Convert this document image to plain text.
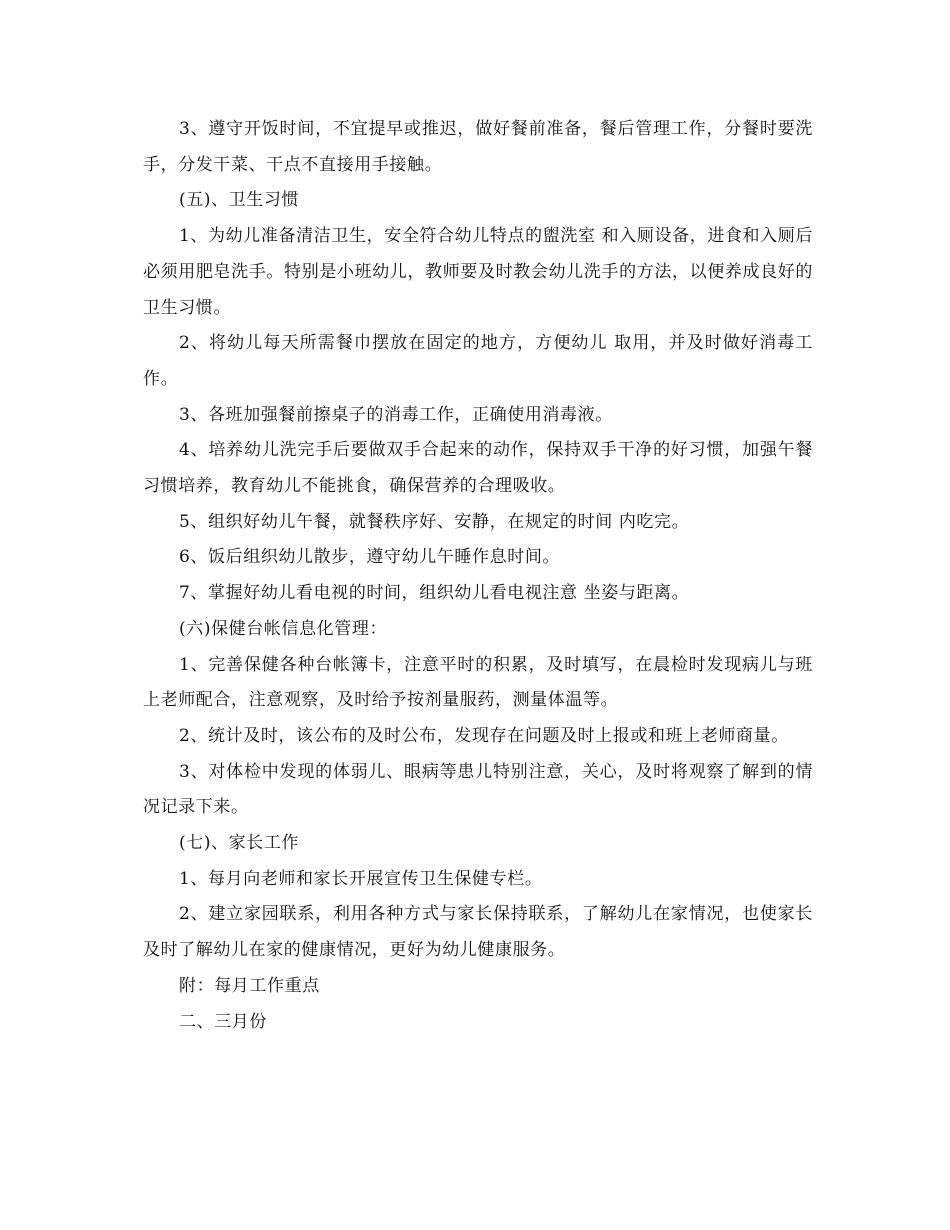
3、遵守开饭时间，不宜提早或推迟，做好餐前准备，餐后管理工作，分餐时要洗手，分发干菜、干点不直接用手接触。

(五)、卫生习惯

1、为幼儿准备清洁卫生，安全符合幼儿特点的盥洗室 和入厕设备，进食和入厕后必须用肥皂洗手。特别是小班幼儿，教师要及时教会幼儿洗手的方法，以便养成良好的卫生习惯。

2、将幼儿每天所需餐巾摆放在固定的地方，方便幼儿 取用，并及时做好消毒工作。

3、各班加强餐前擦桌子的消毒工作，正确使用消毒液。

4、培养幼儿洗完手后要做双手合起来的动作，保持双手干净的好习惯，加强午餐习惯培养，教育幼儿不能挑食，确保营养的合理吸收。

5、组织好幼儿午餐，就餐秩序好、安静，在规定的时间 内吃完。

6、饭后组织幼儿散步，遵守幼儿午睡作息时间。

7、掌握好幼儿看电视的时间，组织幼儿看电视注意 坐姿与距离。

(六)保健台帐信息化管理：

1、完善保健各种台帐簿卡，注意平时的积累，及时填写，在晨检时发现病儿与班上老师配合，注意观察，及时给予按剂量服药，测量体温等。

2、统计及时，该公布的及时公布，发现存在问题及时上报或和班上老师商量。

3、对体检中发现的体弱儿、眼病等患儿特别注意，关心，及时将观察了解到的情况记录下来。

(七)、家长工作

1、每月向老师和家长开展宣传卫生保健专栏。

2、建立家园联系，利用各种方式与家长保持联系，了解幼儿在家情况，也使家长及时了解幼儿在家的健康情况，更好为幼儿健康服务。

附：每月工作重点

二、三月份
